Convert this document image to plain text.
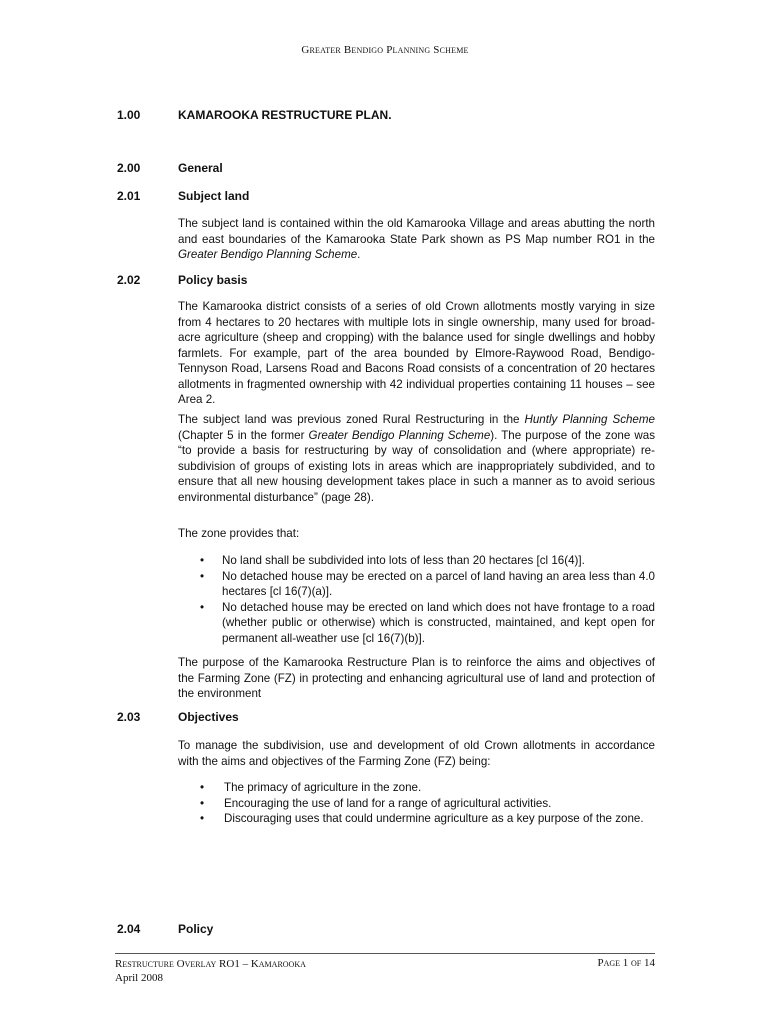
Greater Bendigo Planning Scheme
1.00	KAMAROOKA RESTRUCTURE PLAN.
2.00	General
2.01	Subject land

The subject land is contained within the old Kamarooka Village and areas abutting the north and east boundaries of the Kamarooka State Park shown as PS Map number RO1 in the Greater Bendigo Planning Scheme.

2.02	Policy basis

The Kamarooka district consists of a series of old Crown allotments mostly varying in size from 4 hectares to 20 hectares with multiple lots in single ownership, many used for broad-acre agriculture (sheep and cropping) with the balance used for single dwellings and hobby farmlets. For example, part of the area bounded by Elmore-Raywood Road, Bendigo-Tennyson Road, Larsens Road and Bacons Road consists of a concentration of 20 hectares allotments in fragmented ownership with 42 individual properties containing 11 houses – see Area 2.

The subject land was previous zoned Rural Restructuring in the Huntly Planning Scheme (Chapter 5 in the former Greater Bendigo Planning Scheme). The purpose of the zone was “to provide a basis for restructuring by way of consolidation and (where appropriate) re-subdivision of groups of existing lots in areas which are inappropriately subdivided, and to ensure that all new housing development takes place in such a manner as to avoid serious environmental disturbance” (page 28).

The zone provides that:

• No land shall be subdivided into lots of less than 20 hectares [cl 16(4)].
• No detached house may be erected on a parcel of land having an area less than 4.0 hectares [cl 16(7)(a)].
• No detached house may be erected on land which does not have frontage to a road (whether public or otherwise) which is constructed, maintained, and kept open for permanent all-weather use [cl 16(7)(b)].

The purpose of the Kamarooka Restructure Plan is to reinforce the aims and objectives of the Farming Zone (FZ) in protecting and enhancing agricultural use of land and protection of the environment

2.03	Objectives

To manage the subdivision, use and development of old Crown allotments in accordance with the aims and objectives of the Farming Zone (FZ) being:

• The primacy of agriculture in the zone.
• Encouraging the use of land for a range of agricultural activities.
• Discouraging uses that could undermine agriculture as a key purpose of the zone.
2.04	Policy
Restructure Overlay RO1 – Kamarooka
April 2008
Page 1 of 14
